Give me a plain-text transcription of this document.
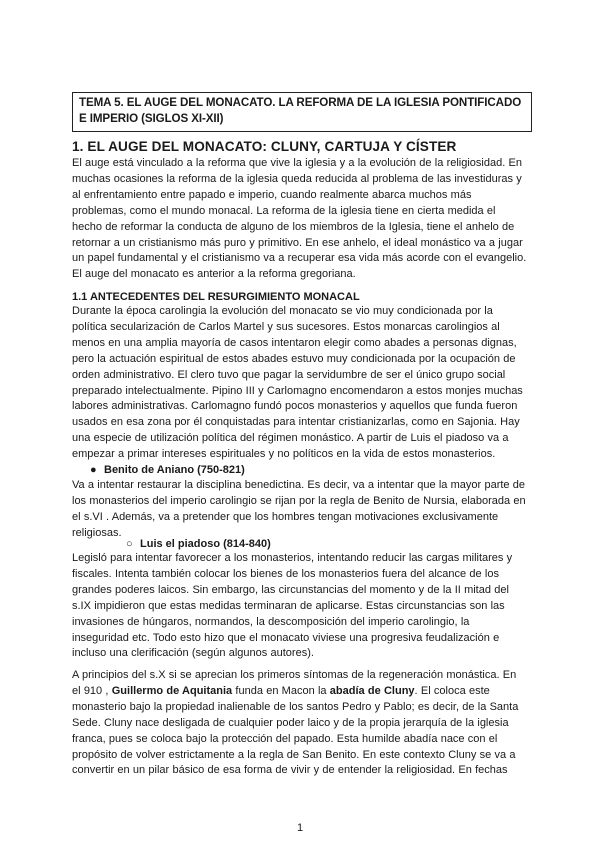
TEMA 5. EL AUGE DEL MONACATO. LA REFORMA DE LA IGLESIA PONTIFICADO E IMPERIO (SIGLOS XI-XII)
1. EL AUGE DEL MONACATO: CLUNY, CARTUJA Y CÍSTER
El auge está vinculado a la reforma que vive la iglesia y a la evolución de la religiosidad. En muchas ocasiones la reforma de la iglesia queda reducida al problema de las investiduras y al enfrentamiento entre papado e imperio, cuando realmente abarca muchos más problemas, como el mundo monacal. La reforma de la iglesia tiene en cierta medida el hecho de reformar la conducta de alguno de los miembros de la Iglesia, tiene el anhelo de retornar a un cristianismo más puro y primitivo. En ese anhelo, el ideal monástico va a jugar un papel fundamental y el cristianismo va a recuperar esa vida más acorde con el evangelio. El auge del monacato es anterior a la reforma gregoriana.
1.1 ANTECEDENTES DEL RESURGIMIENTO MONACAL
Durante la época carolingia la evolución del monacato se vio muy condicionada por la política secularización de Carlos Martel y sus sucesores. Estos monarcas carolingios al menos en una amplia mayoría de casos intentaron elegir como abades a personas dignas, pero la actuación espiritual de estos abades estuvo muy condicionada por la ocupación de orden administrativo. El clero tuvo que pagar la servidumbre de ser el único grupo social preparado intelectualmente. Pipino III y Carlomagno encomendaron a estos monjes muchas labores administrativas. Carlomagno fundó pocos monasterios y aquellos que funda fueron usados en esa zona por él conquistadas para intentar cristianizarlas, como en Sajonia. Hay una especie de utilización política del régimen monástico. A partir de Luis el piadoso va a empezar a primar intereses espirituales y no políticos en la vida de estos monasterios.
● Benito de Aniano (750-821)
Va a intentar restaurar la disciplina benedictina. Es decir, va a intentar que la mayor parte de los monasterios del imperio carolingio se rijan por la regla de Benito de Nursia, elaborada en el s.VI . Además, va a pretender que los hombres tengan motivaciones exclusivamente religiosas.
○ Luis el piadoso (814-840)
Legisló para intentar favorecer a los monasterios, intentando reducir las cargas militares y fiscales. Intenta también colocar los bienes de los monasterios fuera del alcance de los grandes poderes laicos. Sin embargo, las circunstancias del momento y de la II mitad del s.IX impidieron que estas medidas terminaran de aplicarse. Estas circunstancias son las invasiones de húngaros, normandos, la descomposición del imperio carolingio, la inseguridad etc. Todo esto hizo que el monacato viviese una progresiva feudalización e incluso una clerificación (según algunos autores).
A principios del s.X si se aprecian los primeros síntomas de la regeneración monástica. En el 910 , Guillermo de Aquitania funda en Macon la abadía de Cluny. El coloca este monasterio bajo la propiedad inalienable de los santos Pedro y Pablo; es decir, de la Santa Sede. Cluny nace desligada de cualquier poder laico y de la propia jerarquía de la iglesia franca, pues se coloca bajo la protección del papado. Esta humilde abadía nace con el propósito de volver estrictamente a la regla de San Benito. En este contexto Cluny se va a convertir en un pilar básico de esa forma de vivir y de entender la religiosidad. En fechas
1
